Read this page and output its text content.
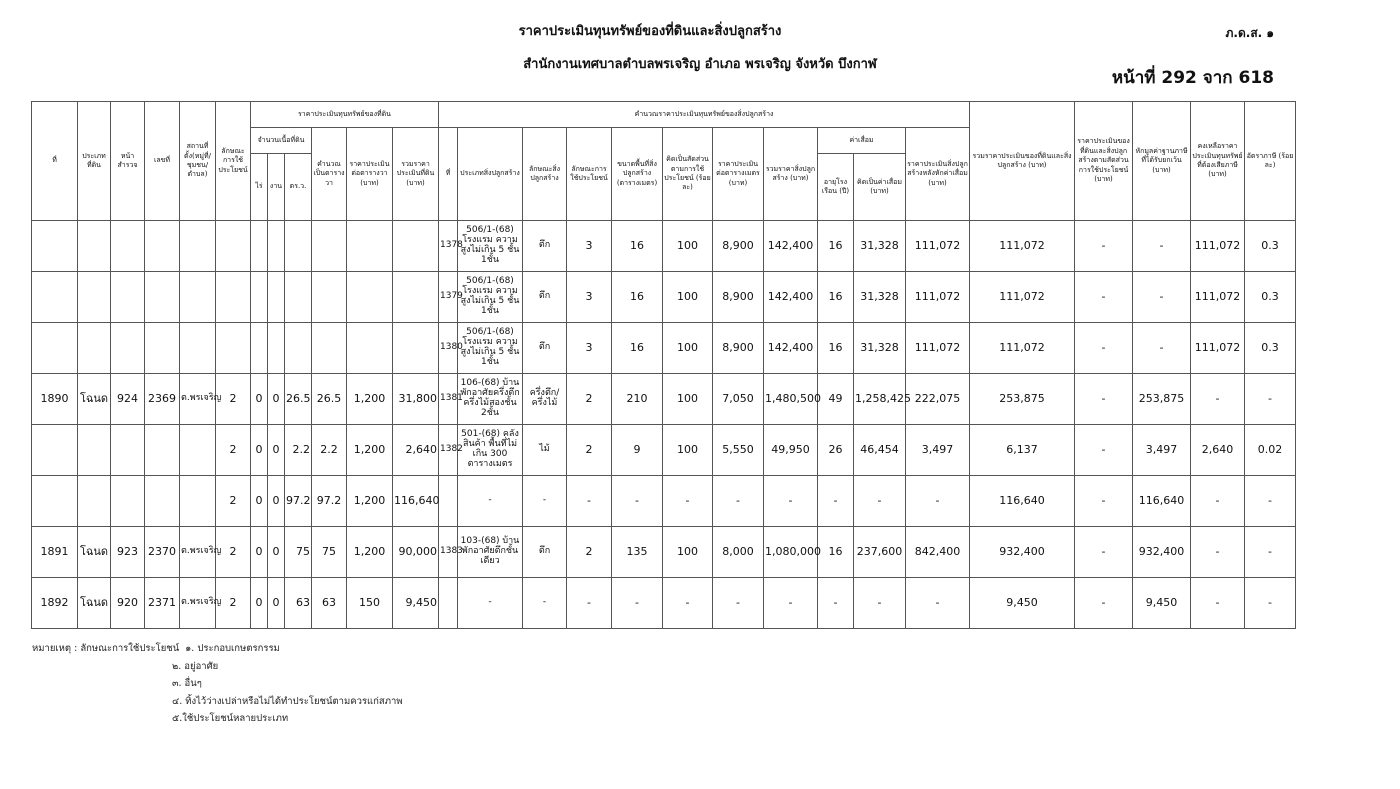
ราคาประเมินทุนทรัพย์ของที่ดินและสิ่งปลูกสร้าง
สำนักงานเทศบาลตำบลพรเจริญ อำเภอ พรเจริญ จังหวัด บึงกาฬ
ภ.ด.ส. ๑
หน้าที่ 292 จาก 618
ที่	ประเภทที่ดิน	หน้าสำรวจ	เลขที่	สถานที่ตั้ง(หมู่ที่/ชุมชน/ตำบล)	ลักษณะการใช้ประโยชน์	ราคาประเมินทุนทรัพย์ของที่ดิน						คำนวณราคาประเมินทุนทรัพย์ของสิ่งปลูกสร้าง											รวมราคาประเมินของที่ดินและสิ่งปลูกสร้าง (บาท)	ราคาประเมินของที่ดินและสิ่งปลูกสร้างตามสัดส่วนการใช้ประโยชน์ (บาท)	หักมูลค่าฐานภาษีที่ได้รับยกเว้น (บาท)	คงเหลือราคาประเมินทุนทรัพย์ที่ต้องเสียภาษี (บาท)	อัตราภาษี (ร้อยละ)
						จำนวนเนื้อที่ดิน			คำนวณเป็นตารางวา	ราคาประเมินต่อตารางวา (บาท)	รวมราคาประเมินที่ดิน (บาท)	ที่	ประเภทสิ่งปลูกสร้าง	ลักษณะสิ่งปลูกสร้าง	ลักษณะการใช้ประโยชน์	ขนาดพื้นที่สิ่งปลูกสร้าง (ตารางเมตร)	คิดเป็นสัดส่วนตามการใช้ประโยชน์ (ร้อยละ)	ราคาประเมินต่อตารางเมตร (บาท)	รวมราคาสิ่งปลูกสร้าง (บาท)	ค่าเสื่อม		ราคาประเมินสิ่งปลูกสร้างหลังหักค่าเสื่อม (บาท)					
						ไร่	งาน	ตร.ว.												อายุโรงเรือน (ปี)	คิดเป็นค่าเสื่อม (บาท)						
												1378	506/1-(68) โรงแรม ความสูงไม่เกิน 5 ชั้น 1ชั้น	ตึก	3	16	100	8,900	142,400	16	31,328	111,072	111,072	-	-	111,072	0.3
												1379	506/1-(68) โรงแรม ความสูงไม่เกิน 5 ชั้น 1ชั้น	ตึก	3	16	100	8,900	142,400	16	31,328	111,072	111,072	-	-	111,072	0.3
												1380	506/1-(68) โรงแรม ความสูงไม่เกิน 5 ชั้น 1ชั้น	ตึก	3	16	100	8,900	142,400	16	31,328	111,072	111,072	-	-	111,072	0.3
1890	โฉนด	924	2369	ต.พรเจริญ	2	0	0	26.5	26.5	1,200	31,800	1381	106-(68) บ้านพักอาศัยครึ่งตึกครึ่งไม้สองชั้น 2ชั้น	ครึ่งตึก/ครึ่งไม้	2	210	100	7,050	1,480,500	49	1,258,425	222,075	253,875	-	253,875	-	-
					2	0	0	2.2	2.2	1,200	2,640	1382	501-(68) คลังสินค้า พื้นที่ไม่เกิน 300 ตารางเมตร	ไม้	2	9	100	5,550	49,950	26	46,454	3,497	6,137	-	3,497	2,640	0.02
					2	0	0	97.2	97.2	1,200	116,640		-	-	-	-	-	-	-	-	-	-	116,640	-	116,640	-	-
1891	โฉนด	923	2370	ต.พรเจริญ	2	0	0	75	75	1,200	90,000	1383	103-(68) บ้านพักอาศัยตึกชั้นเดียว	ตึก	2	135	100	8,000	1,080,000	16	237,600	842,400	932,400	-	932,400	-	-
1892	โฉนด	920	2371	ต.พรเจริญ	2	0	0	63	63	150	9,450		-	-	-	-	-	-	-	-	-	-	9,450	-	9,450	-	-
หมายเหตุ : ลักษณะการใช้ประโยชน์ ๑. ประกอบเกษตรกรรม
๒. อยู่อาศัย
๓. อื่นๆ
๔. ทิ้งไว้ว่างเปล่าหรือไม่ได้ทำประโยชน์ตามควรแก่สภาพ
๕.ใช้ประโยชน์หลายประเภท
